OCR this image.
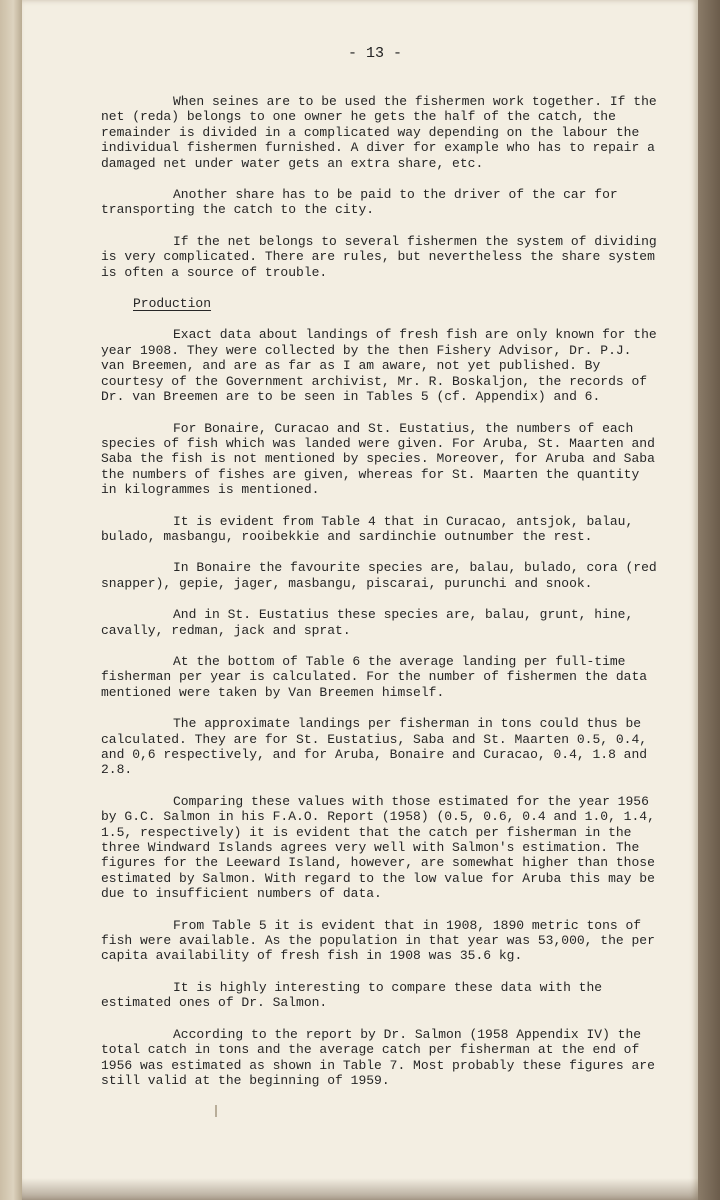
- 13 -

When seines are to be used the fishermen work together. If the net (reda) belongs to one owner he gets the half of the catch, the remainder is divided in a complicated way depending on the labour the individual fishermen furnished. A diver for example who has to repair a damaged net under water gets an extra share, etc.

Another share has to be paid to the driver of the car for transporting the catch to the city.

If the net belongs to several fishermen the system of dividing is very complicated. There are rules, but nevertheless the share system is often a source of trouble.

Production

Exact data about landings of fresh fish are only known for the year 1908. They were collected by the then Fishery Advisor, Dr. P.J. van Breemen, and are as far as I am aware, not yet published. By courtesy of the Government archivist, Mr. R. Boskaljon, the records of Dr. van Breemen are to be seen in Tables 5 (cf. Appendix) and 6.

For Bonaire, Curacao and St. Eustatius, the numbers of each species of fish which was landed were given. For Aruba, St. Maarten and Saba the fish is not mentioned by species. Moreover, for Aruba and Saba the numbers of fishes are given, whereas for St. Maarten the quantity in kilogrammes is mentioned.

It is evident from Table 4 that in Curacao, antsjok, balau, bulado, masbangu, rooibekkie and sardinchie outnumber the rest.

In Bonaire the favourite species are, balau, bulado, cora (red snapper), gepie, jager, masbangu, piscarai, purunchi and snook.

And in St. Eustatius these species are, balau, grunt, hine, cavally, redman, jack and sprat.

At the bottom of Table 6 the average landing per full-time fisherman per year is calculated. For the number of fishermen the data mentioned were taken by Van Breemen himself.

The approximate landings per fisherman in tons could thus be calculated. They are for St. Eustatius, Saba and St. Maarten 0.5, 0.4, and 0,6 respectively, and for Aruba, Bonaire and Curacao, 0.4, 1.8 and 2.8.

Comparing these values with those estimated for the year 1956 by G.C. Salmon in his F.A.O. Report (1958) (0.5, 0.6, 0.4 and 1.0, 1.4, 1.5, respectively) it is evident that the catch per fisherman in the three Windward Islands agrees very well with Salmon's estimation. The figures for the Leeward Island, however, are somewhat higher than those estimated by Salmon. With regard to the low value for Aruba this may be due to insufficient numbers of data.

From Table 5 it is evident that in 1908, 1890 metric tons of fish were available. As the population in that year was 53,000, the per capita availability of fresh fish in 1908 was 35.6 kg.

It is highly interesting to compare these data with the estimated ones of Dr. Salmon.

According to the report by Dr. Salmon (1958 Appendix IV) the total catch in tons and the average catch per fisherman at the end of 1956 was estimated as shown in Table 7. Most probably these figures are still valid at the beginning of 1959.
